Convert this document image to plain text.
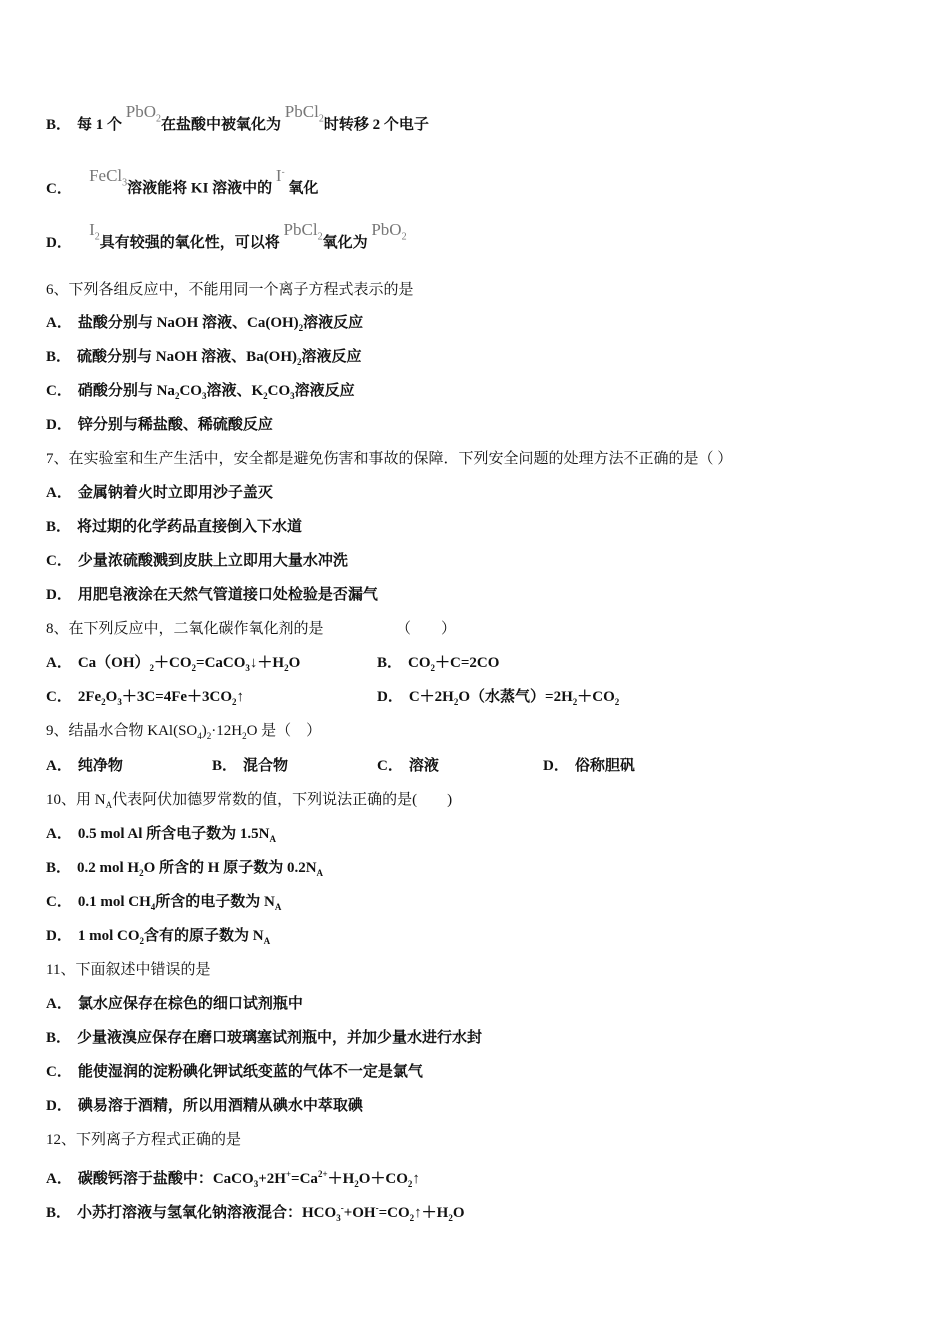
B． 每 1 个 PbO$_2$在盐酸中被氧化为 PbCl$_2$时转移 2 个电子
C．   FeCl$_3$溶液能将 KI 溶液中的 I- 氧化
D．   $I_2$具有较强的氧化性，可以将 PbCl$_2$氧化为 PbO$_2$
6、下列各组反应中，不能用同一个离子方程式表示的是
A． 盐酸分别与 NaOH 溶液、$Ca(OH)_2$溶液反应
B． 硫酸分别与 NaOH 溶液、$Ba(OH)_2$溶液反应
C． 硝酸分别与 $Na_2CO_3$溶液、$K_2CO_3$溶液反应
D． 锌分别与稀盐酸、稀硫酸反应
7、在实验室和生产生活中，安全都是避免伤害和事故的保障．下列安全问题的处理方法不正确的是（ ）
A． 金属钠着火时立即用沙子盖灭
B． 将过期的化学药品直接倒入下水道
C． 少量浓硫酸溅到皮肤上立即用大量水冲洗
D． 用肥皂液涂在天然气管道接口处检验是否漏气
8、在下列反应中，二氧化碳作氧化剂的是	（　　）
A． $Ca(OH)_2+CO_2=CaCO_3↓+H_2O$	B． $CO_2+C=2CO$
C． $2Fe_2O_3+3C=4Fe+3CO_2↑$	D． $C+2H_2O$（水蒸气）$=2H_2+CO_2$
9、结晶水合物 $KAl(SO_4)_2\cdot 12H_2O$ 是（　）
A． 纯净物	B． 混合物	C． 溶液	D． 俗称胆矾
10、用 $N_A$代表阿伏加德罗常数的值，下列说法正确的是(　　)
A． 0.5 mol Al 所含电子数为 $1.5N_A$
B． 0.2 mol $H_2O$ 所含的 H 原子数为 $0.2N_A$
C． 0.1 mol $CH_4$所含的电子数为 $N_A$
D． 1 mol $CO_2$含有的原子数为 $N_A$
11、下面叙述中错误的是
A． 氯水应保存在棕色的细口试剂瓶中
B． 少量液溴应保存在磨口玻璃塞试剂瓶中，并加少量水进行水封
C． 能使湿润的淀粉碘化钾试纸变蓝的气体不一定是氯气
D． 碘易溶于酒精，所以用酒精从碘水中萃取碘
12、下列离子方程式正确的是
A． 碳酸钙溶于盐酸中：$CaCO_3+2H^+=Ca^{2+}+H_2O+CO_2↑$
B． 小苏打溶液与氢氧化钠溶液混合：$HCO_3^-+OH^-=CO_2↑+H_2O$
